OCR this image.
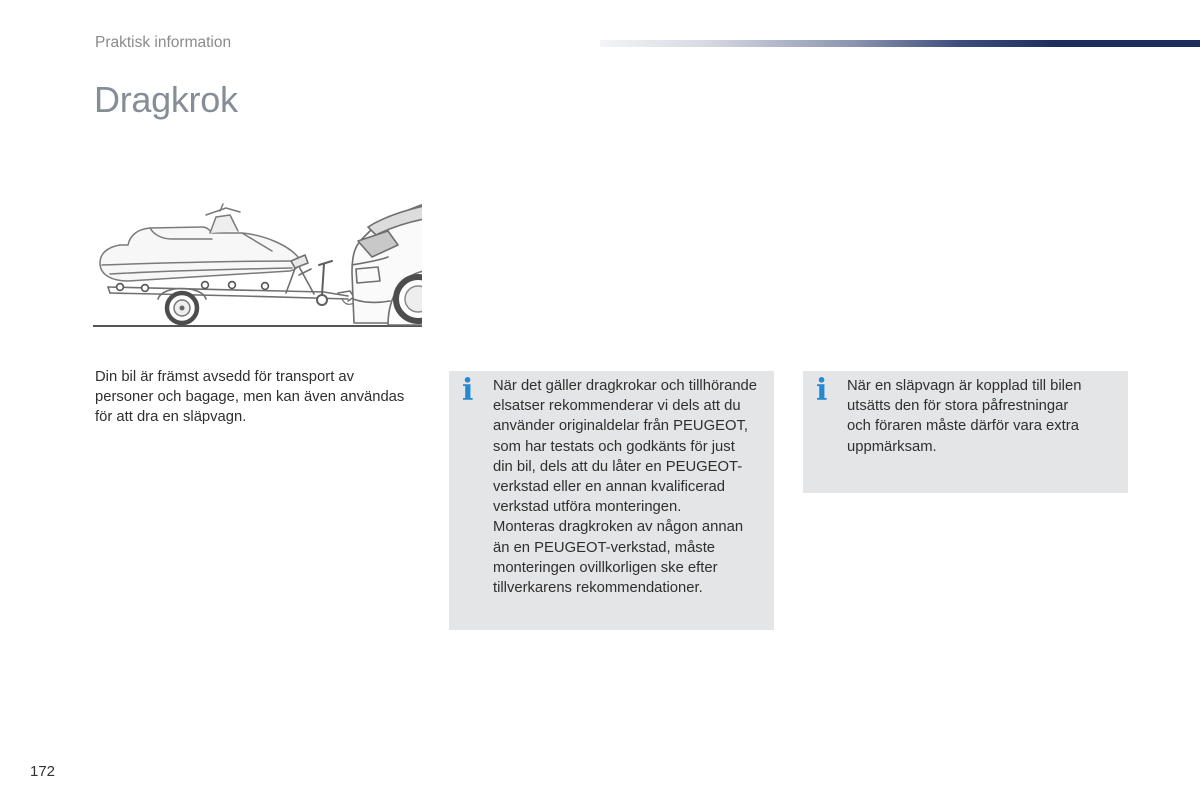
Praktisk information
Dragkrok
Din bil är främst avsedd för transport av
personer och bagage, men kan även användas
för att dra en släpvagn.
i När det gäller dragkrokar och tillhörande
elsatser rekommenderar vi dels att du
använder originaldelar från PEUGEOT,
som har testats och godkänts för just
din bil, dels att du låter en PEUGEOT-
verkstad eller en annan kvalificerad
verkstad utföra monteringen.
Monteras dragkroken av någon annan
än en PEUGEOT-verkstad, måste
monteringen ovillkorligen ske efter
tillverkarens rekommendationer.
i När en släpvagn är kopplad till bilen
utsätts den för stora påfrestningar
och föraren måste därför vara extra
uppmärksam.
172
